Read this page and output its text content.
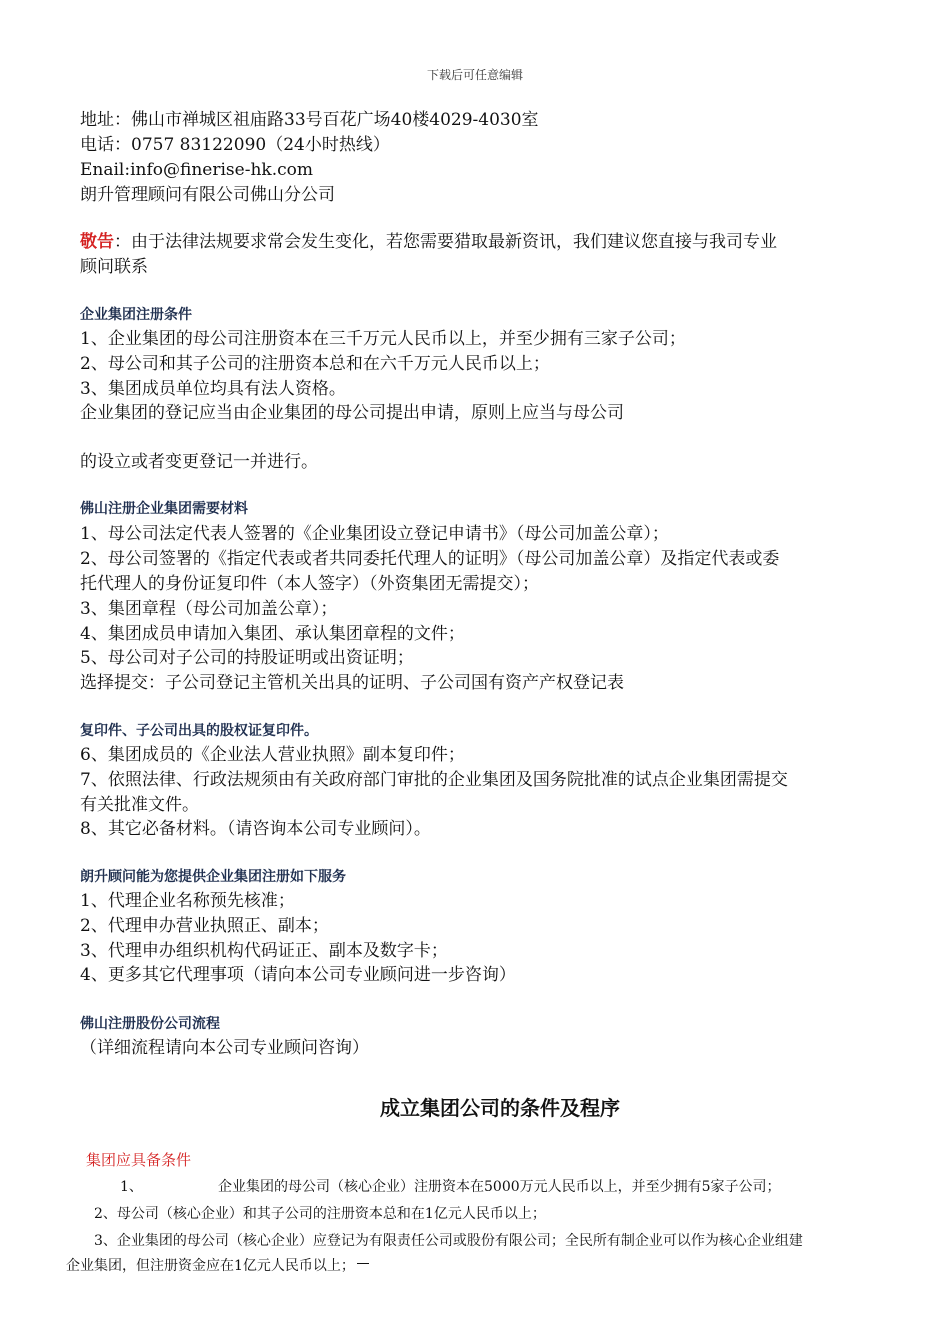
下载后可任意编辑
地址：佛山市禅城区祖庙路33号百花广场40楼4029-4030室
电话：0757 83122090（24小时热线）
Enail:info@finerise-hk.com
朗升管理顾问有限公司佛山分公司
敬告：由于法律法规要求常会发生变化，若您需要猎取最新资讯，我们建议您直接与我司专业
顾问联系
企业集团注册条件
1、企业集团的母公司注册资本在三千万元人民币以上，并至少拥有三家子公司；
2、母公司和其子公司的注册资本总和在六千万元人民币以上；
3、集团成员单位均具有法人资格。
企业集团的登记应当由企业集团的母公司提出申请，原则上应当与母公司
的设立或者变更登记一并进行。
佛山注册企业集团需要材料
1、母公司法定代表人签署的《企业集团设立登记申请书》（母公司加盖公章）；
2、母公司签署的《指定代表或者共同委托代理人的证明》（母公司加盖公章）及指定代表或委
托代理人的身份证复印件（本人签字）（外资集团无需提交）；
3、集团章程（母公司加盖公章）；
4、集团成员申请加入集团、承认集团章程的文件；
5、母公司对子公司的持股证明或出资证明；
选择提交：子公司登记主管机关出具的证明、子公司国有资产产权登记表
复印件、子公司出具的股权证复印件。
6、集团成员的《企业法人营业执照》副本复印件；
7、依照法律、行政法规须由有关政府部门审批的企业集团及国务院批准的试点企业集团需提交
有关批准文件。
8、其它必备材料。（请咨询本公司专业顾问）。
朗升顾问能为您提供企业集团注册如下服务
1、代理企业名称预先核准；
2、代理申办营业执照正、副本；
3、代理申办组织机构代码证正、副本及数字卡；
4、更多其它代理事项（请向本公司专业顾问进一步咨询）
佛山注册股份公司流程
（详细流程请向本公司专业顾问咨询）
成立集团公司的条件及程序
集团应具备条件
1、	企业集团的母公司（核心企业）注册资本在5000万元人民币以上，并至少拥有5家子公司；
2、母公司（核心企业）和其子公司的注册资本总和在1亿元人民币以上；
3、企业集团的母公司（核心企业）应登记为有限责任公司或股份有限公司；全民所有制企业可以作为核心企业组建
企业集团，但注册资金应在1亿元人民币以上；
